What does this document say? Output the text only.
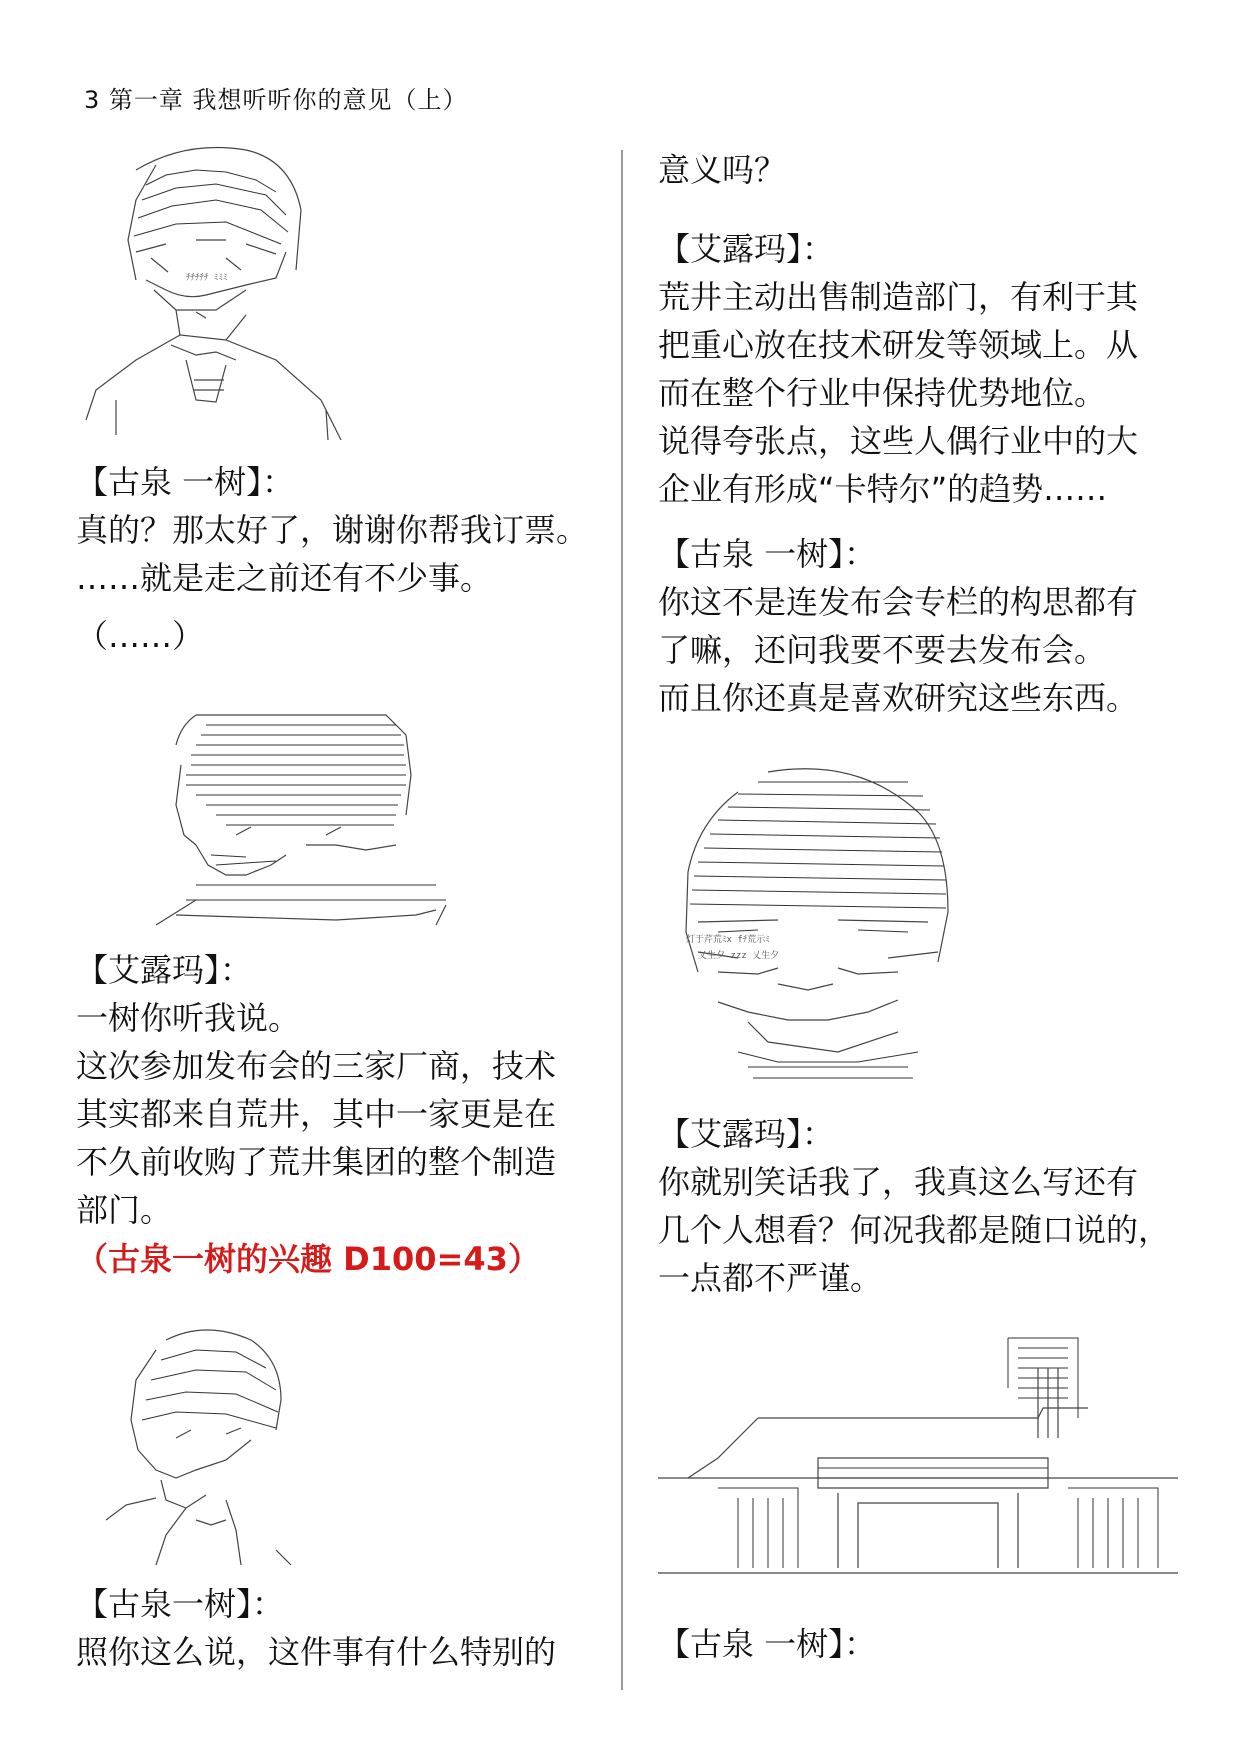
3 第一章 我想听听你的意见（上）
ﾁﾁﾁﾁﾁ ﾐﾐﾐ
【古泉 一树】：
真的？那太好了，谢谢你帮我订票。
……就是走之前还有不少事。
（……）
【艾露玛】：
一树你听我说。
这次参加发布会的三家厂商，技术
其实都来自荒井，其中一家更是在
不久前收购了荒井集团的整个制造
部门。
（古泉一树的兴趣 D100=43）
【古泉一树】：
照你这么说，这件事有什么特别的
意义吗？
【艾露玛】：
荒井主动出售制造部门，有利于其
把重心放在技术研发等领域上。从
而在整个行业中保持优势地位。
说得夸张点，这些人偶行业中的大
企业有形成“卡特尔”的趋势……
【古泉 一树】：
你这不是连发布会专栏的构思都有
了嘛，还问我要不要去发布会。
而且你还真是喜欢研究这些东西。
灯于芹荒ﾐx fﾁ荒示ﾐ
乂生夕 zzz 乂生夕
【艾露玛】：
你就别笑话我了，我真这么写还有
几个人想看？何况我都是随口说的，
一点都不严谨。
【古泉 一树】：
